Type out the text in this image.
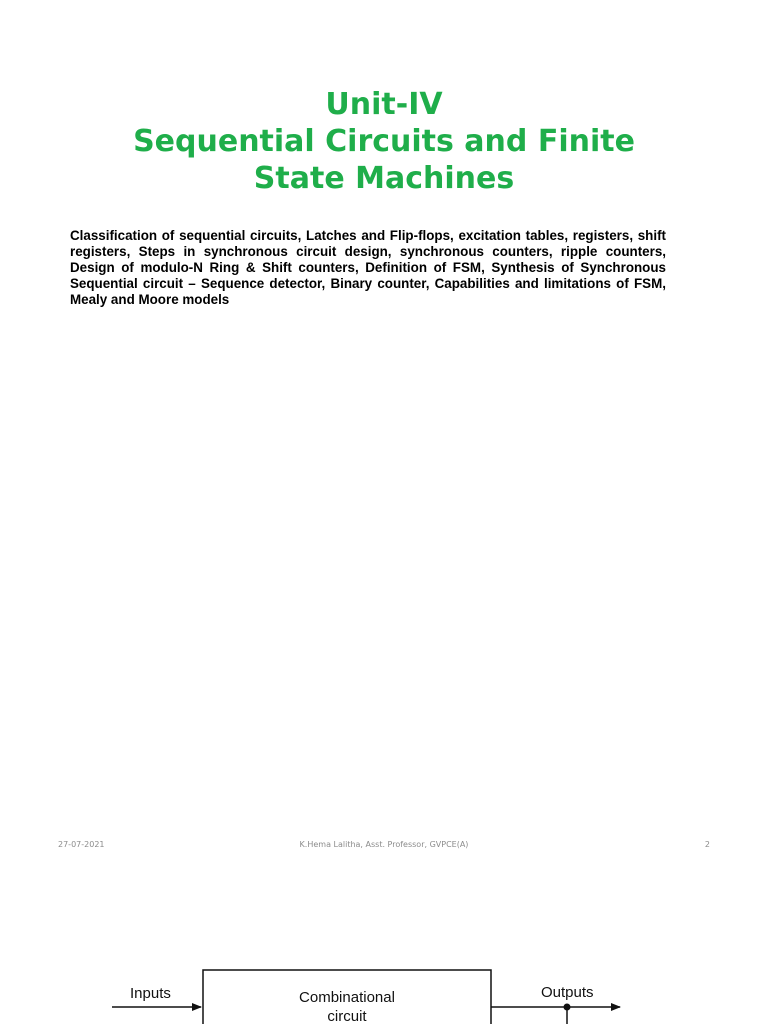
Unit-IV
Sequential Circuits and Finite
State Machines
Classification of sequential circuits, Latches and Flip-flops, excitation tables, registers, shift registers, Steps in synchronous circuit design, synchronous counters, ripple counters, Design of modulo-N Ring & Shift counters, Definition of FSM, Synthesis of Synchronous Sequential circuit – Sequence detector, Binary counter, Capabilities and limitations of FSM, Mealy and Moore models
27-07-2021	K.Hema Lalitha, Asst. Professor, GVPCE(A)	2
Inputs	Outputs
Combinational
circuit
